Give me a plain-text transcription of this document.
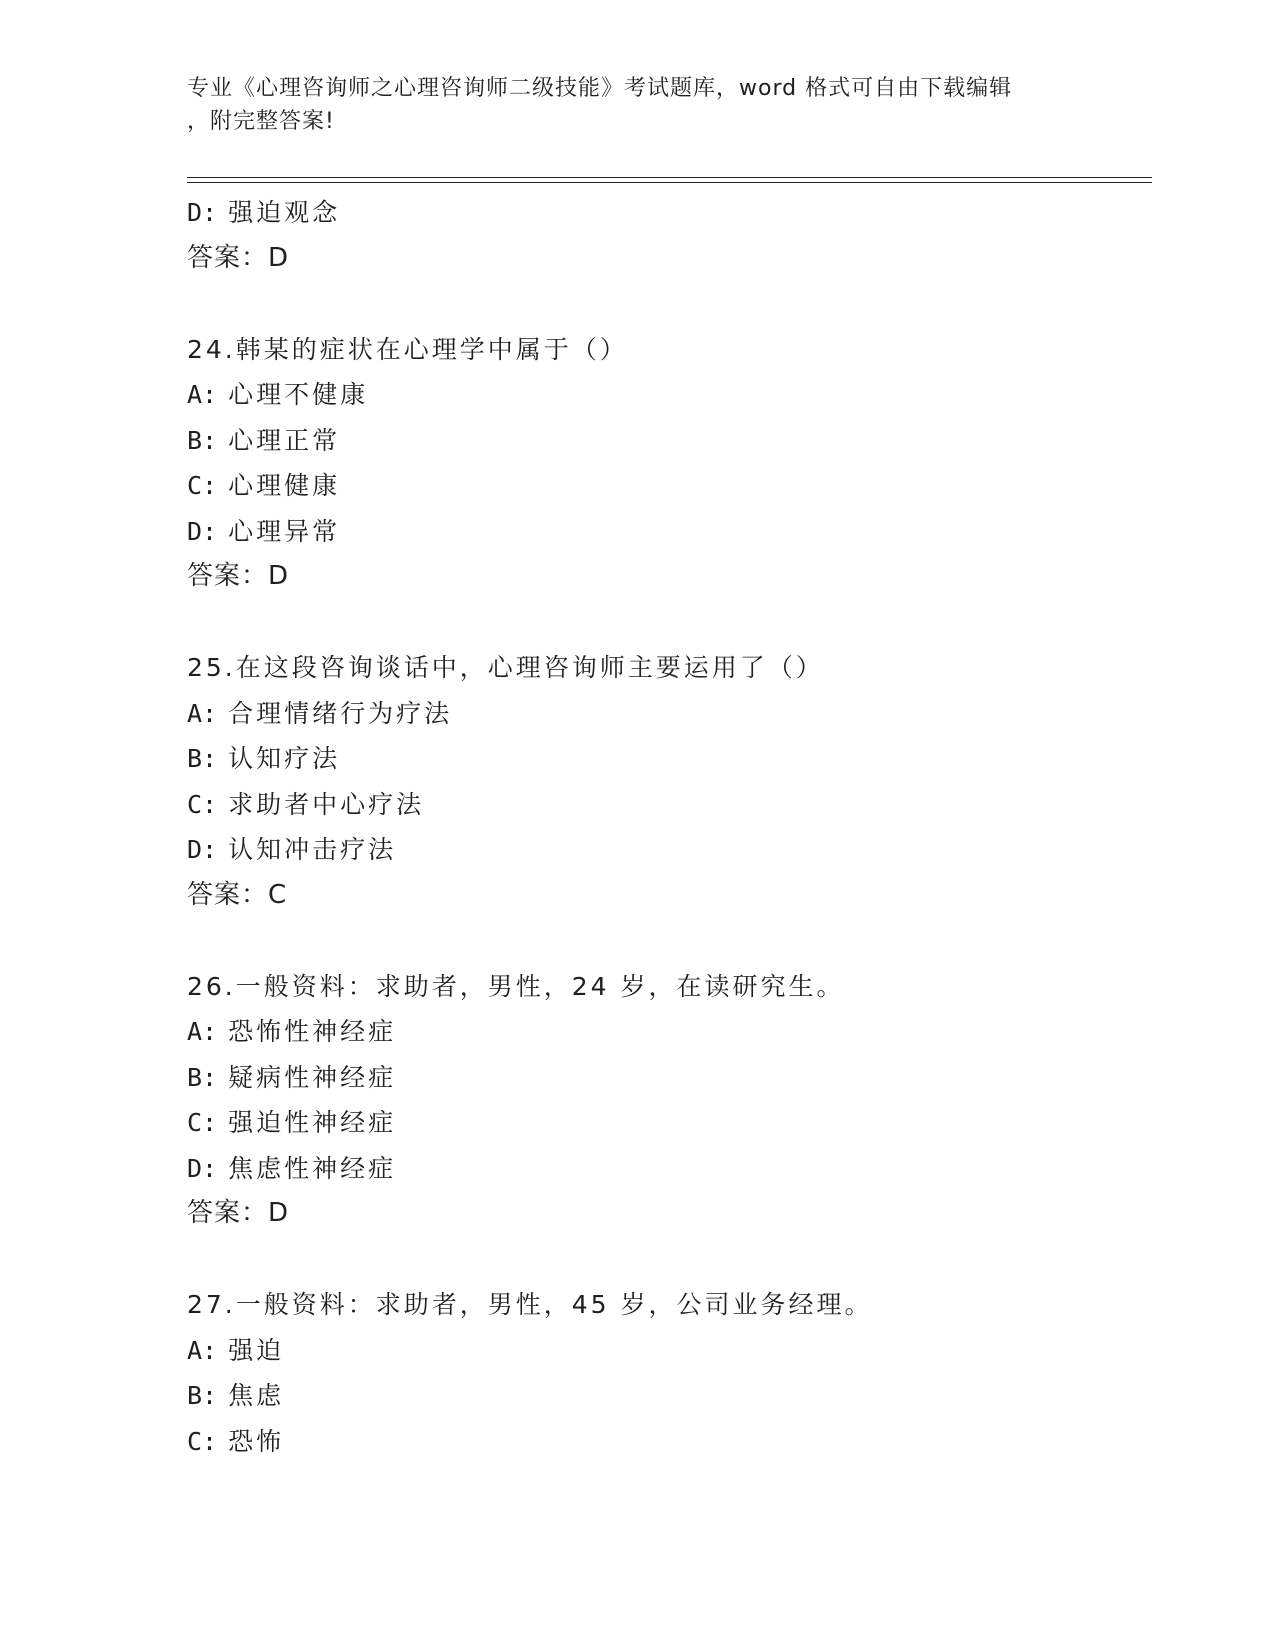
专业《心理咨询师之心理咨询师二级技能》考试题库，word 格式可自由下载编辑
，附完整答案!
D: 强迫观念
答案：D
24.韩某的症状在心理学中属于（）
A: 心理不健康
B: 心理正常
C: 心理健康
D: 心理异常
答案：D
25.在这段咨询谈话中，心理咨询师主要运用了（）
A: 合理情绪行为疗法
B: 认知疗法
C: 求助者中心疗法
D: 认知冲击疗法
答案：C
26.一般资料：求助者，男性，24 岁，在读研究生。
A: 恐怖性神经症
B: 疑病性神经症
C: 强迫性神经症
D: 焦虑性神经症
答案：D
27.一般资料：求助者，男性，45 岁，公司业务经理。
A: 强迫
B: 焦虑
C: 恐怖
